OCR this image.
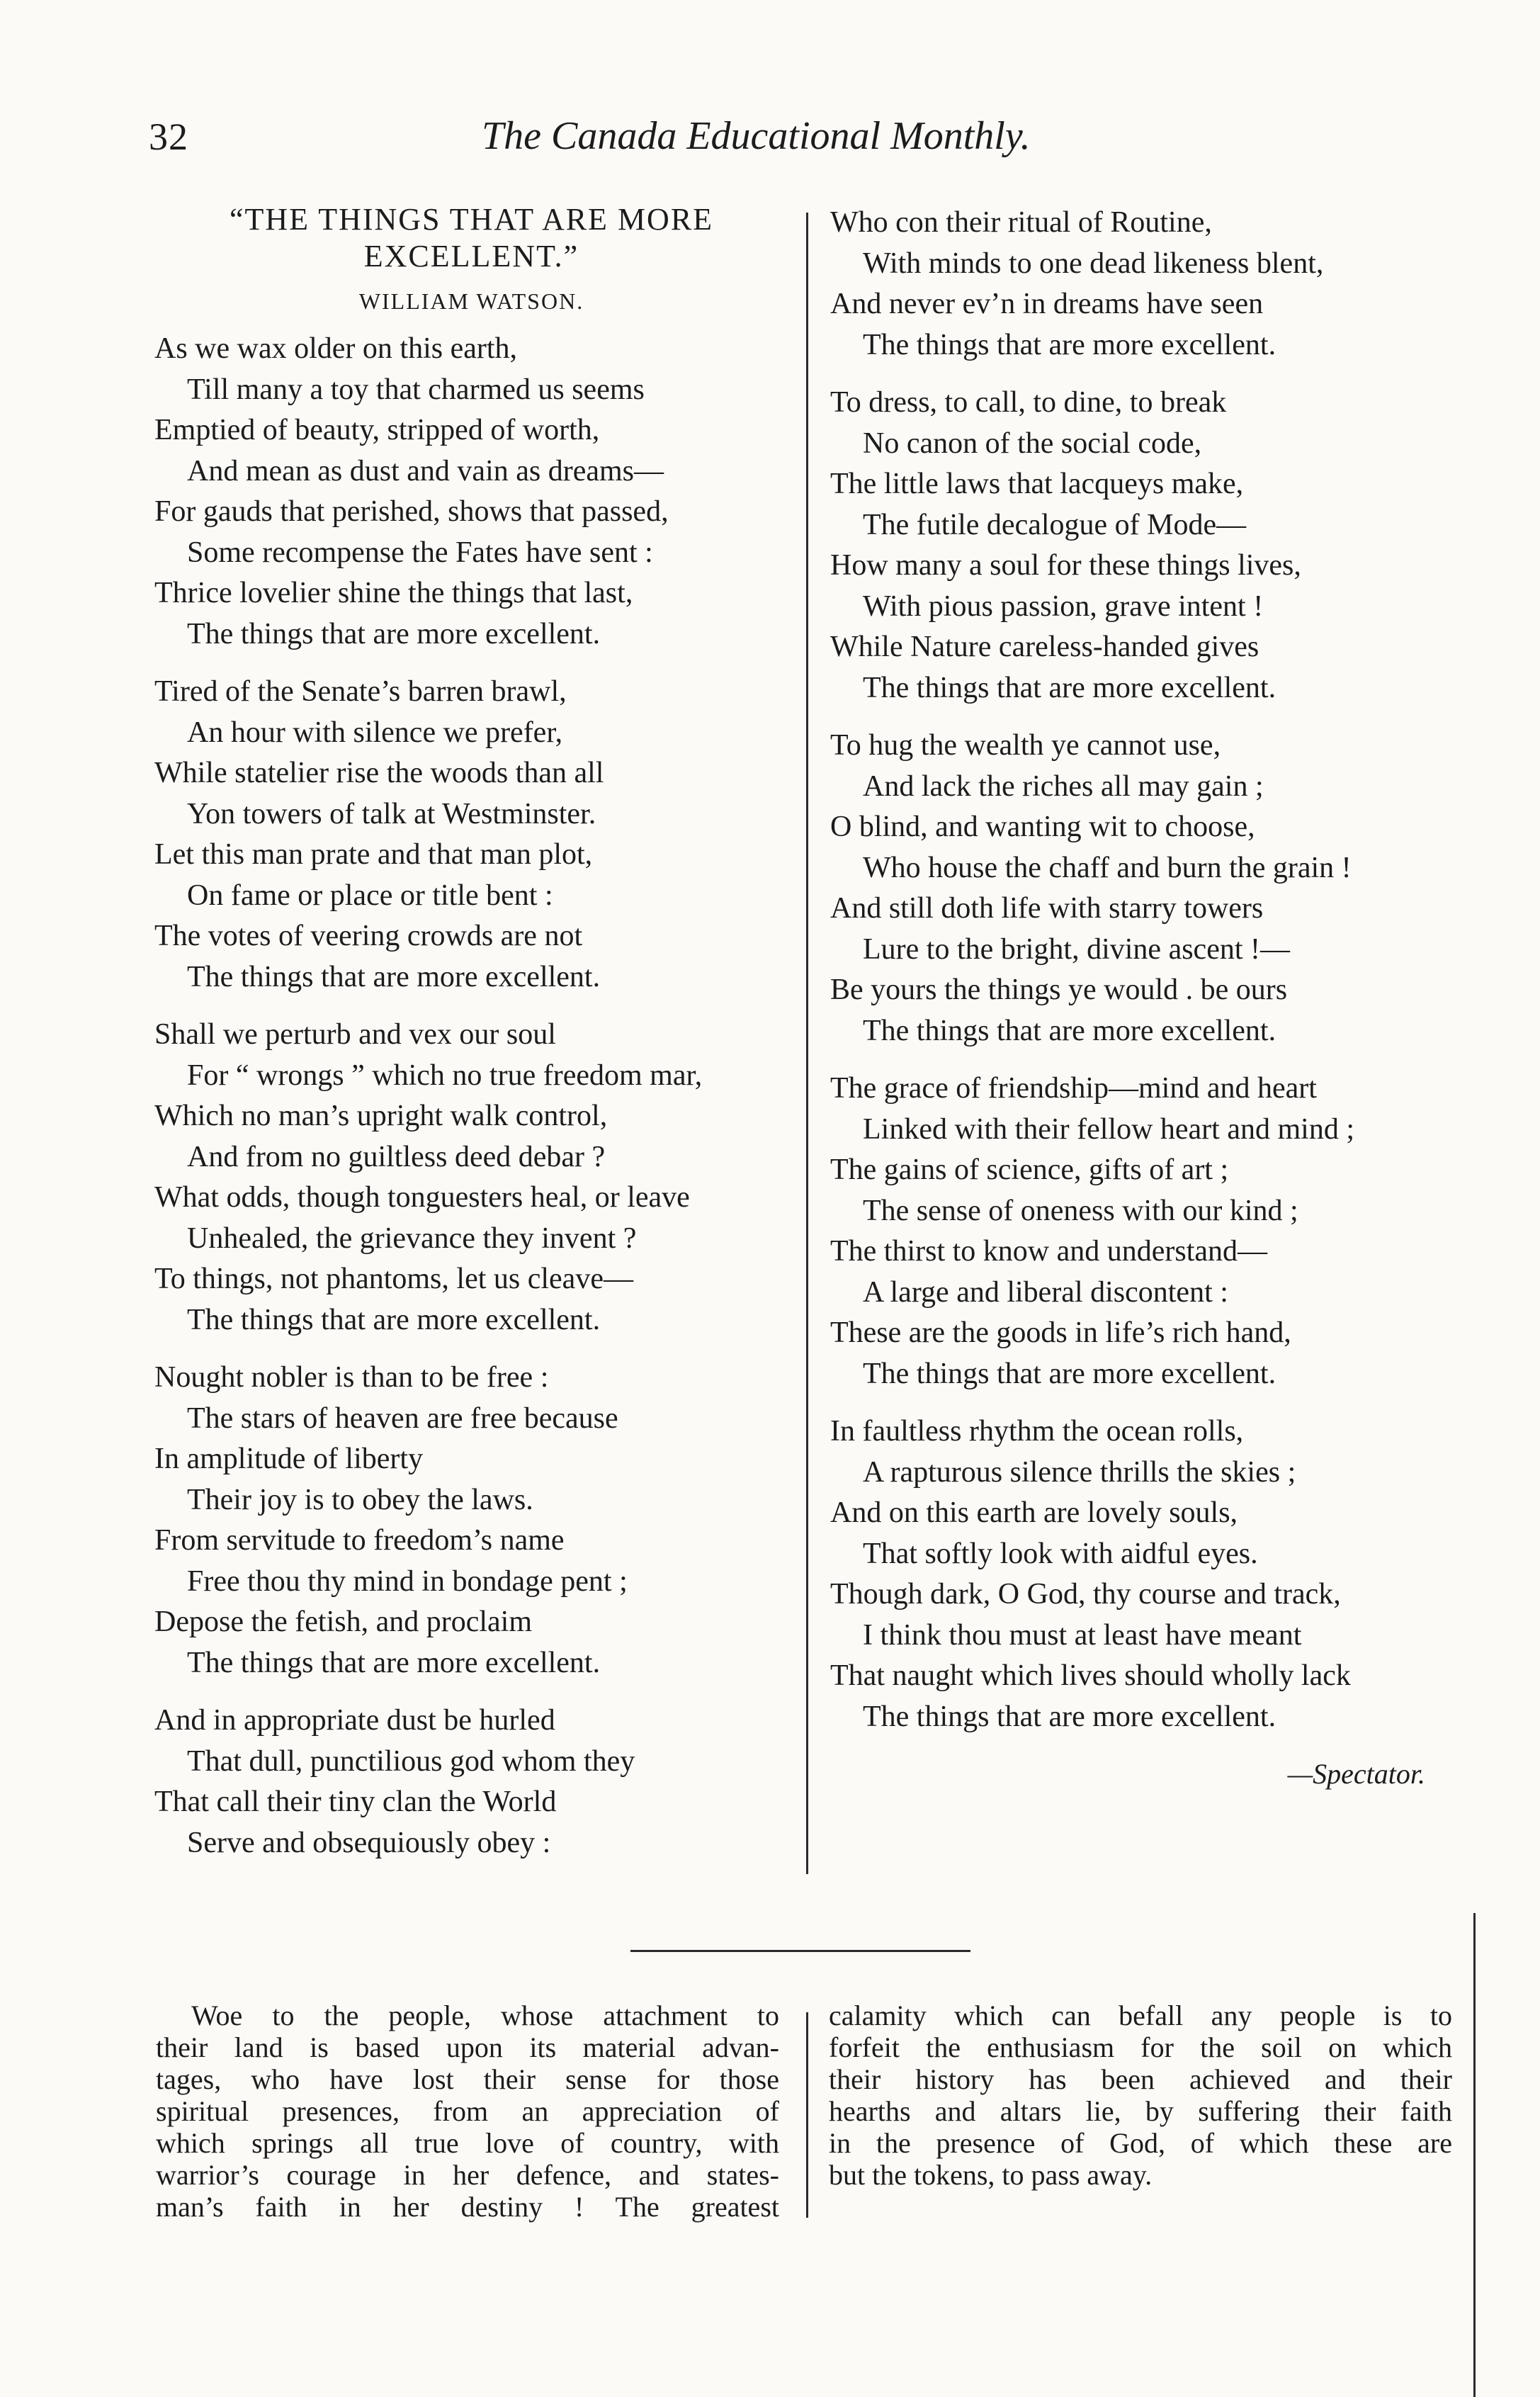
32	The Canada Educational Monthly.
“THE THINGS THAT ARE MORE
EXCELLENT.”
WILLIAM WATSON.
As we wax older on this earth,
Till many a toy that charmed us seems
Emptied of beauty, stripped of worth,
And mean as dust and vain as dreams—
For gauds that perished, shows that passed,
Some recompense the Fates have sent :
Thrice lovelier shine the things that last,
The things that are more excellent.
Tired of the Senate’s barren brawl,
An hour with silence we prefer,
While statelier rise the woods than all
Yon towers of talk at Westminster.
Let this man prate and that man plot,
On fame or place or title bent :
The votes of veering crowds are not
The things that are more excellent.
Shall we perturb and vex our soul
For “ wrongs ” which no true freedom mar,
Which no man’s upright walk control,
And from no guiltless deed debar ?
What odds, though tonguesters heal, or leave
Unhealed, the grievance they invent ?
To things, not phantoms, let us cleave—
The things that are more excellent.
Nought nobler is than to be free :
The stars of heaven are free because
In amplitude of liberty
Their joy is to obey the laws.
From servitude to freedom’s name
Free thou thy mind in bondage pent ;
Depose the fetish, and proclaim
The things that are more excellent.
And in appropriate dust be hurled
That dull, punctilious god whom they
That call their tiny clan the World
Serve and obsequiously obey :
Who con their ritual of Routine,
With minds to one dead likeness blent,
And never ev’n in dreams have seen
The things that are more excellent.
To dress, to call, to dine, to break
No canon of the social code,
The little laws that lacqueys make,
The futile decalogue of Mode—
How many a soul for these things lives,
With pious passion, grave intent !
While Nature careless-handed gives
The things that are more excellent.
To hug the wealth ye cannot use,
And lack the riches all may gain ;
O blind, and wanting wit to choose,
Who house the chaff and burn the grain !
And still doth life with starry towers
Lure to the bright, divine ascent !—
Be yours the things ye would . be ours
The things that are more excellent.
The grace of friendship—mind and heart
Linked with their fellow heart and mind ;
The gains of science, gifts of art ;
The sense of oneness with our kind ;
The thirst to know and understand—
A large and liberal discontent :
These are the goods in life’s rich hand,
The things that are more excellent.
In faultless rhythm the ocean rolls,
A rapturous silence thrills the skies ;
And on this earth are lovely souls,
That softly look with aidful eyes.
Though dark, O God, thy course and track,
I think thou must at least have meant
That naught which lives should wholly lack
The things that are more excellent.
—Spectator.
Woe to the people, whose attachment to
their land is based upon its material advan-
tages, who have lost their sense for those
spiritual presences, from an appreciation of
which springs all true love of country, with
warrior’s courage in her defence, and states-
man’s faith in her destiny ! The greatest
calamity which can befall any people is to
forfeit the enthusiasm for the soil on which
their history has been achieved and their
hearths and altars lie, by suffering their faith
in the presence of God, of which these are
but the tokens, to pass away.
